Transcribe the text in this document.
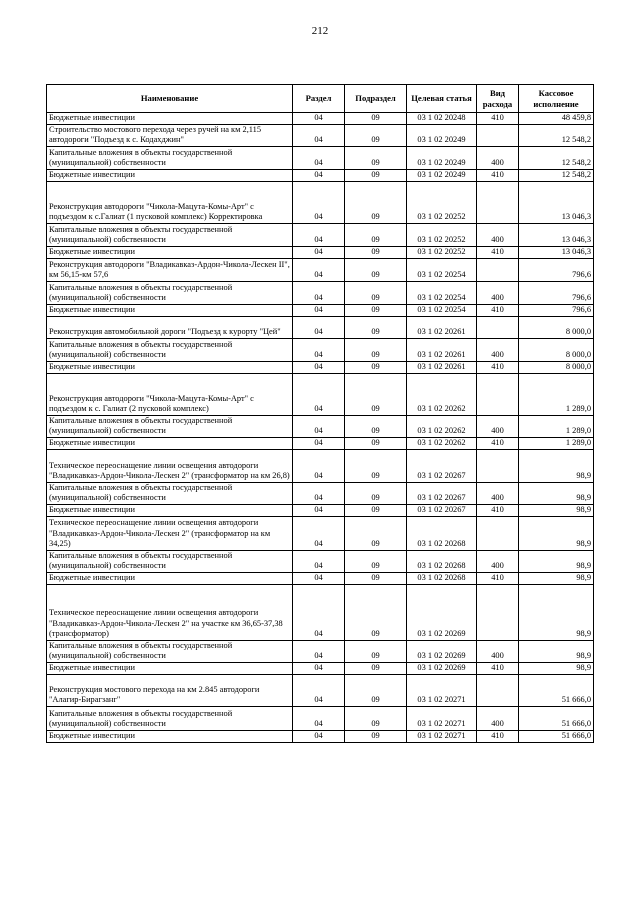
212
Наименование	Раздел	Подраздел	Целевая статья	Вид расхода	Кассовое исполнение
Бюджетные инвестиции	04	09	03 1 02 20248	410	48 459,8
Строительство мостового перехода через ручей на км 2,115 автодороги "Подъезд к с. Кодахджин"	04	09	03 1 02 20249		12 548,2
Капитальные вложения в объекты государственной (муниципальной) собственности	04	09	03 1 02 20249	400	12 548,2
Бюджетные инвестиции	04	09	03 1 02 20249	410	12 548,2
Реконструкция автодороги "Чикола-Мацута-Комы-Арт" с подъездом к с.Галиат (1 пусковой комплекс) Корректировка	04	09	03 1 02 20252		13 046,3
Капитальные вложения в объекты государственной (муниципальной) собственности	04	09	03 1 02 20252	400	13 046,3
Бюджетные инвестиции	04	09	03 1 02 20252	410	13 046,3
Реконструкция автодороги "Владикавказ-Ардон-Чикола-Лескен II", км 56,15-км 57,6	04	09	03 1 02 20254		796,6
Капитальные вложения в объекты государственной (муниципальной) собственности	04	09	03 1 02 20254	400	796,6
Бюджетные инвестиции	04	09	03 1 02 20254	410	796,6
Реконструкция автомобильной дороги "Подъезд к курорту "Цей"	04	09	03 1 02 20261		8 000,0
Капитальные вложения в объекты государственной (муниципальной) собственности	04	09	03 1 02 20261	400	8 000,0
Бюджетные инвестиции	04	09	03 1 02 20261	410	8 000,0
Реконструкция автодороги "Чикола-Мацута-Комы-Арт" с подъездом к с. Галиат (2 пусковой комплекс)	04	09	03 1 02 20262		1 289,0
Капитальные вложения в объекты государственной (муниципальной) собственности	04	09	03 1 02 20262	400	1 289,0
Бюджетные инвестиции	04	09	03 1 02 20262	410	1 289,0
Техническое переоснащение линии освещения автодороги "Владикавказ-Ардон-Чикола-Лескен 2" (трансформатор на км 26,8)	04	09	03 1 02 20267		98,9
Капитальные вложения в объекты государственной (муниципальной) собственности	04	09	03 1 02 20267	400	98,9
Бюджетные инвестиции	04	09	03 1 02 20267	410	98,9
Техническое переоснащение линии освещения автодороги "Владикавказ-Ардон-Чикола-Лескен 2" (трансформатор на км 34,25)	04	09	03 1 02 20268		98,9
Капитальные вложения в объекты государственной (муниципальной) собственности	04	09	03 1 02 20268	400	98,9
Бюджетные инвестиции	04	09	03 1 02 20268	410	98,9
Техническое переоснащение линии освещения автодороги "Владикавказ-Ардон-Чикола-Лескен 2" на участке км 36,65-37,38 (трансформатор)	04	09	03 1 02 20269		98,9
Капитальные вложения в объекты государственной (муниципальной) собственности	04	09	03 1 02 20269	400	98,9
Бюджетные инвестиции	04	09	03 1 02 20269	410	98,9
Реконструкция мостового перехода на км 2.845 автодороги "Алагир-Бирагзанг"	04	09	03 1 02 20271		51 666,0
Капитальные вложения в объекты государственной (муниципальной) собственности	04	09	03 1 02 20271	400	51 666,0
Бюджетные инвестиции	04	09	03 1 02 20271	410	51 666,0
